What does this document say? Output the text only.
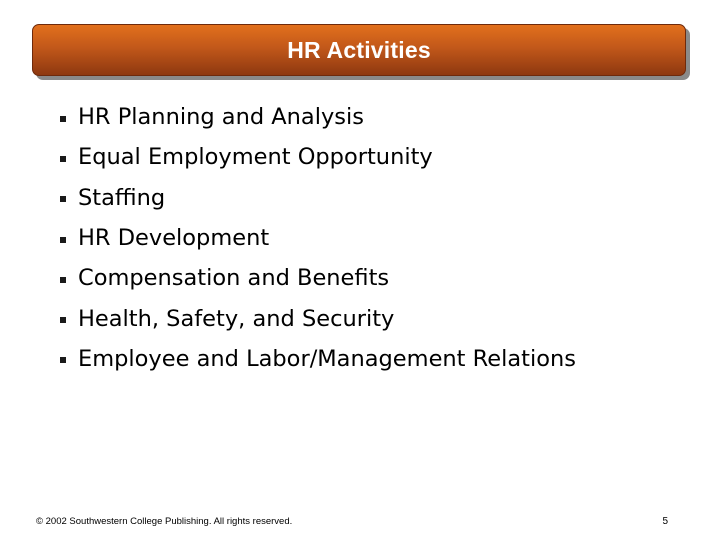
HR Activities
HR Planning and Analysis
Equal Employment Opportunity
Staffing
HR Development
Compensation and Benefits
Health, Safety, and Security
Employee and Labor/Management Relations
© 2002 Southwestern College Publishing. All rights reserved.	5
